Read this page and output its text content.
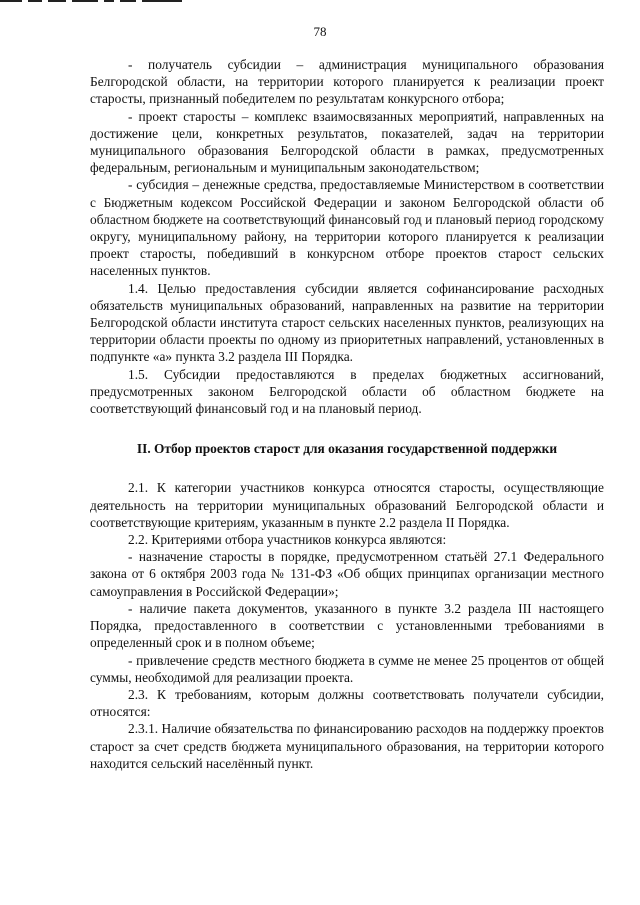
78

- получатель субсидии – администрация муниципального образования Белгородской области, на территории которого планируется к реализации проект старосты, признанный победителем по результатам конкурсного отбора;

- проект старосты – комплекс взаимосвязанных мероприятий, направленных на достижение цели, конкретных результатов, показателей, задач на территории муниципального образования Белгородской области в рамках, предусмотренных федеральным, региональным и муниципальным законодательством;

- субсидия – денежные средства, предоставляемые Министерством в соответствии с Бюджетным кодексом Российской Федерации и законом Белгородской области об областном бюджете на соответствующий финансовый год и плановый период городскому округу, муниципальному району, на территории которого планируется к реализации проект старосты, победивший в конкурсном отборе проектов старост сельских населенных пунктов.

1.4. Целью предоставления субсидии является софинансирование расходных обязательств муниципальных образований, направленных на развитие на территории Белгородской области института старост сельских населенных пунктов, реализующих на территории области проекты по одному из приоритетных направлений, установленных в подпункте «а» пункта 3.2 раздела III Порядка.

1.5. Субсидии предоставляются в пределах бюджетных ассигнований, предусмотренных законом Белгородской области об областном бюджете на соответствующий финансовый год и на плановый период.

II. Отбор проектов старост для оказания государственной поддержки

2.1. К категории участников конкурса относятся старосты, осуществляющие деятельность на территории муниципальных образований Белгородской области и соответствующие критериям, указанным в пункте 2.2 раздела II Порядка.

2.2. Критериями отбора участников конкурса являются:

- назначение старосты в порядке, предусмотренном статьёй 27.1 Федерального закона от 6 октября 2003 года № 131-ФЗ «Об общих принципах организации местного самоуправления в Российской Федерации»;

- наличие пакета документов, указанного в пункте 3.2 раздела III настоящего Порядка, предоставленного в соответствии с установленными требованиями в определенный срок и в полном объеме;

- привлечение средств местного бюджета в сумме не менее 25 процентов от общей суммы, необходимой для реализации проекта.

2.3. К требованиям, которым должны соответствовать получатели субсидии, относятся:

2.3.1. Наличие обязательства по финансированию расходов на поддержку проектов старост за счет средств бюджета муниципального образования, на территории которого находится сельский населённый пункт.
